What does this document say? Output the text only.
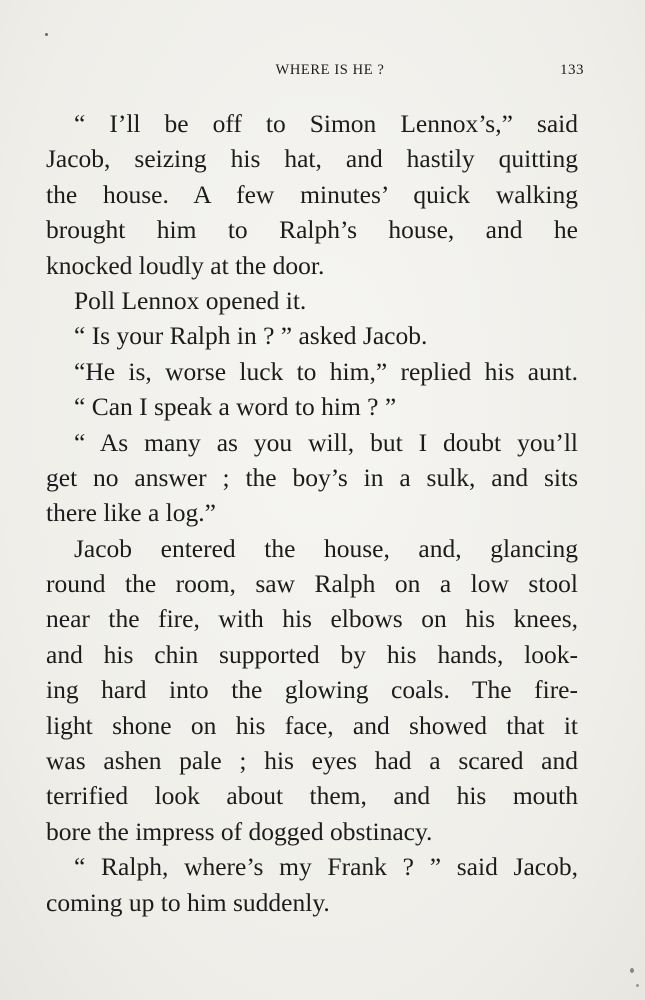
WHERE IS HE ?	133
“ I’ll be off to Simon Lennox’s,” said
Jacob, seizing his hat, and hastily quitting
the house. A few minutes’ quick walking
brought him to Ralph’s house, and he
knocked loudly at the door.
Poll Lennox opened it.
“ Is your Ralph in ? ” asked Jacob.
“He is, worse luck to him,” replied his aunt.
“ Can I speak a word to him ? ”
“ As many as you will, but I doubt you’ll
get no answer ; the boy’s in a sulk, and sits
there like a log.”
Jacob entered the house, and, glancing
round the room, saw Ralph on a low stool
near the fire, with his elbows on his knees,
and his chin supported by his hands, look-
ing hard into the glowing coals. The fire-
light shone on his face, and showed that it
was ashen pale ; his eyes had a scared and
terrified look about them, and his mouth
bore the impress of dogged obstinacy.
“ Ralph, where’s my Frank ? ” said Jacob,
coming up to him suddenly.
